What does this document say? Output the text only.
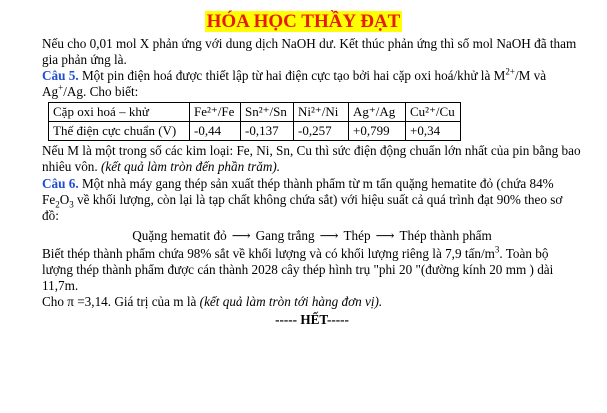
HÓA HỌC THẦY ĐẠT

Nếu cho 0,01 mol X phản ứng với dung dịch NaOH dư. Kết thúc phản ứng thì số mol NaOH đã tham gia phản ứng là.

Câu 5. Một pin điện hoá được thiết lập từ hai điện cực tạo bởi hai cặp oxi hoá/khử là $M^{2+}/M$ và Ag+/Ag. Cho biết:

Cặp oxi hoá – khử	Fe²⁺/Fe	Sn²⁺/Sn	Ni²⁺/Ni	Ag⁺/Ag	Cu²⁺/Cu
Thế điện cực chuẩn (V)	-0,44	-0,137	-0,257	+0,799	+0,34

Nếu M là một trong số các kim loại: Fe, Ni, Sn, Cu thì sức điện động chuẩn lớn nhất của pin bằng bao nhiêu vôn. (kết quả làm tròn đến phần trăm).

Câu 6. Một nhà máy gang thép sản xuất thép thành phẩm từ m tấn quặng hematite đỏ (chứa 84% $Fe_2O_3$ về khối lượng, còn lại là tạp chất không chứa sắt) với hiệu suất cả quá trình đạt 90% theo sơ đồ:

Quặng hematit đỏ ⟶ Gang trắng ⟶ Thép ⟶ Thép thành phẩm

Biết thép thành phẩm chứa 98% sắt về khối lượng và có khối lượng riêng là 7,9 tấn/$m^3$. Toàn bộ lượng thép thành phẩm được cán thành 2028 cây thép hình trụ "phi 20 "(đường kính 20 mm ) dài 11,7m.

Cho π =3,14. Giá trị của m là (kết quả làm tròn tới hàng đơn vị).

----- HẾT-----
